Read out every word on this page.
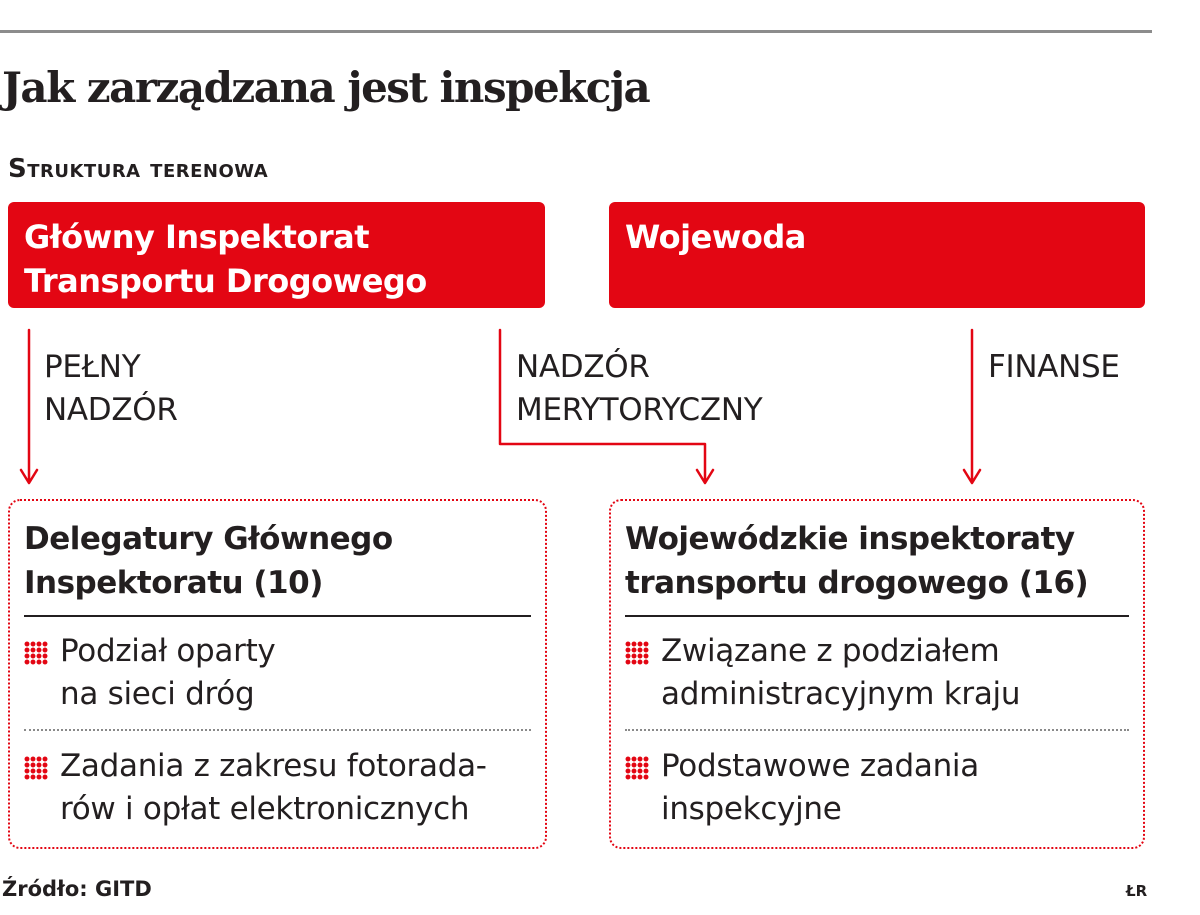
Jak zarządzana jest inspekcja
Struktura terenowa
Główny Inspektorat
Transportu Drogowego
Wojewoda
PEŁNY
NADZÓR
NADZÓR
MERYTORYCZNY
FINANSE
Delegatury Głównego
Inspektoratu (10)
Podział oparty
na sieci dróg
Zadania z zakresu fotorada-
rów i opłat elektronicznych
Wojewódzkie inspektoraty
transportu drogowego (16)
Związane z podziałem
administracyjnym kraju
Podstawowe zadania
inspekcyjne
Źródło: GITD	ŁR
